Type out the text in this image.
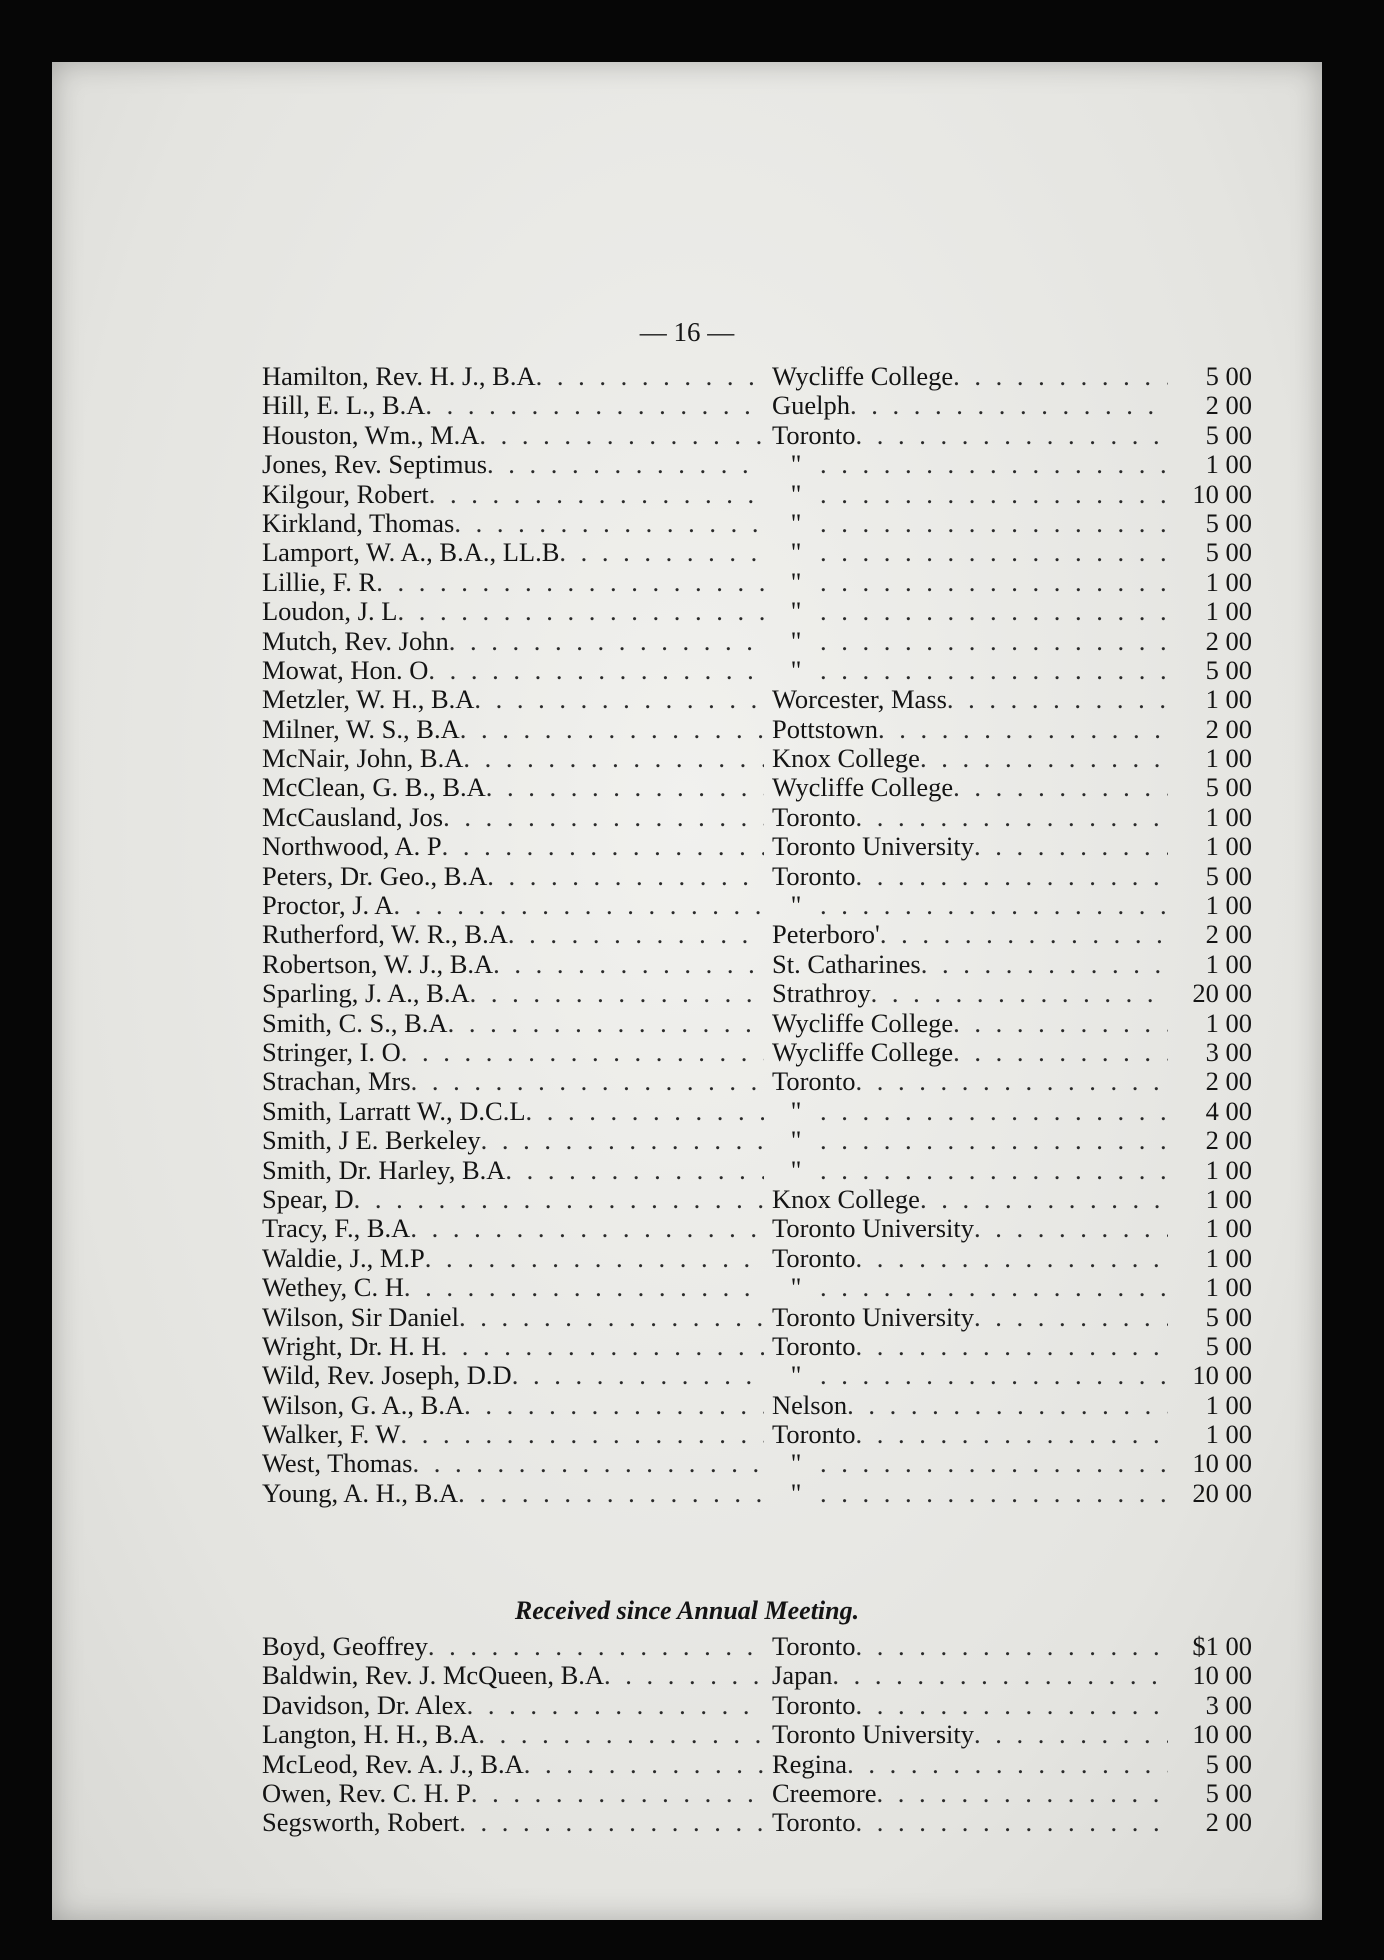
— 16 —
Hamilton, Rev. H. J., B.A . . .	Wycliffe College . . .	5 00
Hill, E. L., B.A . . .	Guelph . . .	2 00
Houston, Wm., M.A . . .	Toronto . . .	5 00
Jones, Rev. Septimus . . .	" . . .	1 00
Kilgour, Robert . . .	" . . .	10 00
Kirkland, Thomas . . .	" . . .	5 00
Lamport, W. A., B.A., LL.B . . .	" . . .	5 00
Lillie, F. R . . .	" . . .	1 00
Loudon, J. L . . .	" . . .	1 00
Mutch, Rev. John . . .	" . . .	2 00
Mowat, Hon. O . . .	" . . .	5 00
Metzler, W. H., B.A . . .	Worcester, Mass . . .	1 00
Milner, W. S., B.A . . .	Pottstown . . .	2 00
McNair, John, B.A . . .	Knox College . . .	1 00
McClean, G. B., B.A . . .	Wycliffe College . . .	5 00
McCausland, Jos . . .	Toronto . . .	1 00
Northwood, A. P . . .	Toronto University . . .	1 00
Peters, Dr. Geo., B.A . . .	Toronto . . .	5 00
Proctor, J. A . . .	" . . .	1 00
Rutherford, W. R., B.A . . .	Peterboro' . . .	2 00
Robertson, W. J., B.A . . .	St. Catharines . . .	1 00
Sparling, J. A., B.A . . .	Strathroy . . .	20 00
Smith, C. S., B.A . . .	Wycliffe College . . .	1 00
Stringer, I. O . . .	Wycliffe College . . .	3 00
Strachan, Mrs . . .	Toronto . . .	2 00
Smith, Larratt W., D.C.L . . .	" . . .	4 00
Smith, J E. Berkeley . . .	" . . .	2 00
Smith, Dr. Harley, B.A . . .	" . . .	1 00
Spear, D . . .	Knox College . . .	1 00
Tracy, F., B.A . . .	Toronto University . . .	1 00
Waldie, J., M.P . . .	Toronto . . .	1 00
Wethey, C. H . . .	" . . .	1 00
Wilson, Sir Daniel . . .	Toronto University . . .	5 00
Wright, Dr. H. H . . .	Toronto . . .	5 00
Wild, Rev. Joseph, D.D . . .	" . . .	10 00
Wilson, G. A., B.A . . .	Nelson . . .	1 00
Walker, F. W . . .	Toronto . . .	1 00
West, Thomas . . .	" . . .	10 00
Young, A. H., B.A . . .	" . . .	20 00
Received since Annual Meeting.
Boyd, Geoffrey . . .	Toronto . . .	$1 00
Baldwin, Rev. J. McQueen, B.A . . .	Japan . . .	10 00
Davidson, Dr. Alex . . .	Toronto . . .	3 00
Langton, H. H., B.A . . .	Toronto University . . .	10 00
McLeod, Rev. A. J., B.A . . .	Regina . . .	5 00
Owen, Rev. C. H. P . . .	Creemore . . .	5 00
Segsworth, Robert . . .	Toronto . . .	2 00
